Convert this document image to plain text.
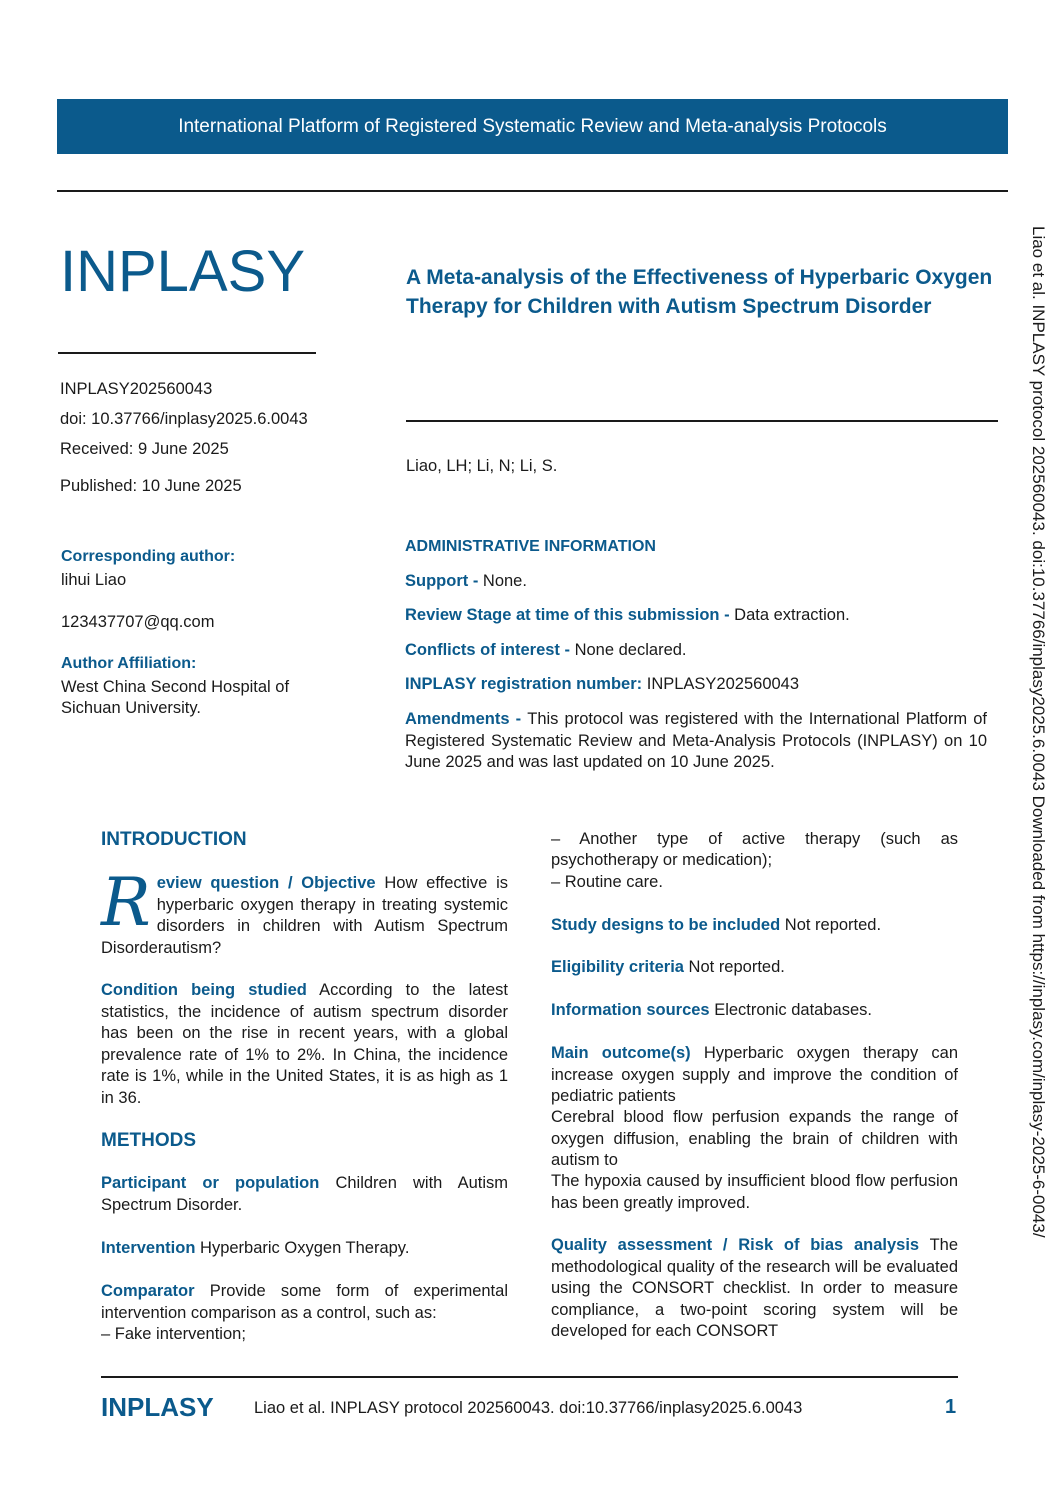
International Platform of Registered Systematic Review and Meta-analysis Protocols
INPLASY
INPLASY202560043
doi: 10.37766/inplasy2025.6.0043
Received: 9 June 2025
Published: 10 June 2025
Corresponding author:
lihui Liao
123437707@qq.com
Author Affiliation:
West China Second Hospital of
Sichuan University.
A Meta-analysis of the Effectiveness of Hyperbaric Oxygen Therapy for Children with Autism Spectrum Disorder
Liao, LH; Li, N; Li, S.
ADMINISTRATIVE INFORMATION
Support - None.
Review Stage at time of this submission - Data extraction.
Conflicts of interest - None declared.
INPLASY registration number: INPLASY202560043
Amendments - This protocol was registered with the International Platform of Registered Systematic Review and Meta-Analysis Protocols (INPLASY) on 10 June 2025 and was last updated on 10 June 2025.
INTRODUCTION
Review question / Objective How effective is hyperbaric oxygen therapy in treating systemic disorders in children with Autism Spectrum Disorderautism?
Condition being studied According to the latest statistics, the incidence of autism spectrum disorder has been on the rise in recent years, with a global prevalence rate of 1% to 2%. In China, the incidence rate is 1%, while in the United States, it is as high as 1 in 36.
METHODS
Participant or population Children with Autism Spectrum Disorder.
Intervention Hyperbaric Oxygen Therapy.
Comparator Provide some form of experimental intervention comparison as a control, such as:
– Fake intervention;
– Another type of active therapy (such as
psychotherapy or medication);
– Routine care.
Study designs to be included Not reported.
Eligibility criteria Not reported.
Information sources Electronic databases.
Main outcome(s) Hyperbaric oxygen therapy can increase oxygen supply and improve the condition of pediatric patients
Cerebral blood flow perfusion expands the range of oxygen diffusion, enabling the brain of children with autism to
The hypoxia caused by insufficient blood flow perfusion has been greatly improved.
Quality assessment / Risk of bias analysis The methodological quality of the research will be evaluated using the CONSORT checklist. In order to measure compliance, a two-point scoring system will be developed for each CONSORT
Liao et al. INPLASY protocol 202560043. doi:10.37766/inplasy2025.6.0043 Downloaded from https://inplasy.com/inplasy-2025-6-0043/
INPLASY Liao et al. INPLASY protocol 202560043. doi:10.37766/inplasy2025.6.0043	1
